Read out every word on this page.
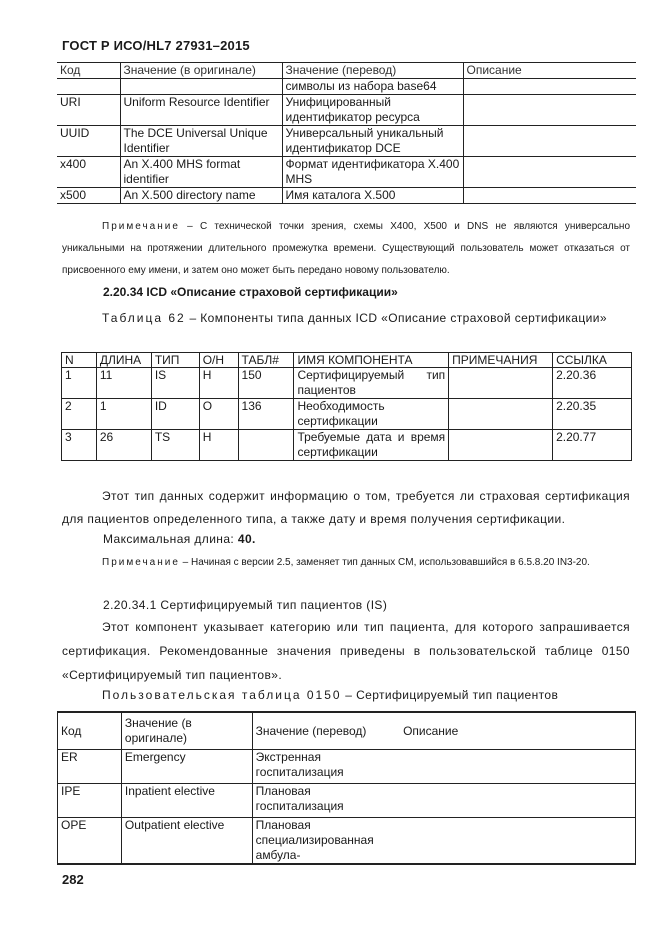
ГОСТ Р ИСО/HL7 27931–2015
Код	Значение (в оригинале)	Значение (перевод)	Описание
		символы из набора base64	
URI	Uniform Resource Identifier	Унифицированный идентификатор ресурса	
UUID	The DCE Universal Unique Identifier	Универсальный уникальный идентификатор DCE	
x400	An X.400 MHS format identifier	Формат идентификатора X.400 MHS	
x500	An X.500 directory name	Имя каталога X.500	
Примечание – С технической точки зрения, схемы X400, X500 и DNS не являются универсально уникальными на протяжении длительного промежутка времени. Существующий пользователь может отказаться от присвоенного ему имени, и затем оно может быть передано новому пользователю.
2.20.34 ICD «Описание страховой сертификации»
Таблица 62 – Компоненты типа данных ICD «Описание страховой сертификации»
N	ДЛИНА	ТИП	О/Н	ТАБЛ#	ИМЯ КОМПОНЕНТА	ПРИМЕЧАНИЯ	ССЫЛКА
1	11	IS	Н	150	Сертифицируемый тип пациентов		2.20.36
2	1	ID	О	136	Необходимость сертификации		2.20.35
3	26	TS	Н		Требуемые дата и время сертификации		2.20.77
Этот тип данных содержит информацию о том, требуется ли страховая сертификация для пациентов определенного типа, а также дату и время получения сертификации.
Максимальная длина: 40.
Примечание – Начиная с версии 2.5, заменяет тип данных CM, использовавшийся в 6.5.8.20 IN3-20.
2.20.34.1 Сертифицируемый тип пациентов (IS)
Этот компонент указывает категорию или тип пациента, для которого запрашивается сертификация. Рекомендованные значения приведены в пользовательской таблице 0150 «Сертифицируемый тип пациентов».
Пользовательская таблица 0150 – Сертифицируемый тип пациентов
Код	Значение (в оригинале)	Значение (перевод)	Описание
ER	Emergency	Экстренная госпитализация	
IPE	Inpatient elective	Плановая госпитализация	
OPE	Outpatient elective	Плановая специализированная амбула-	
282
